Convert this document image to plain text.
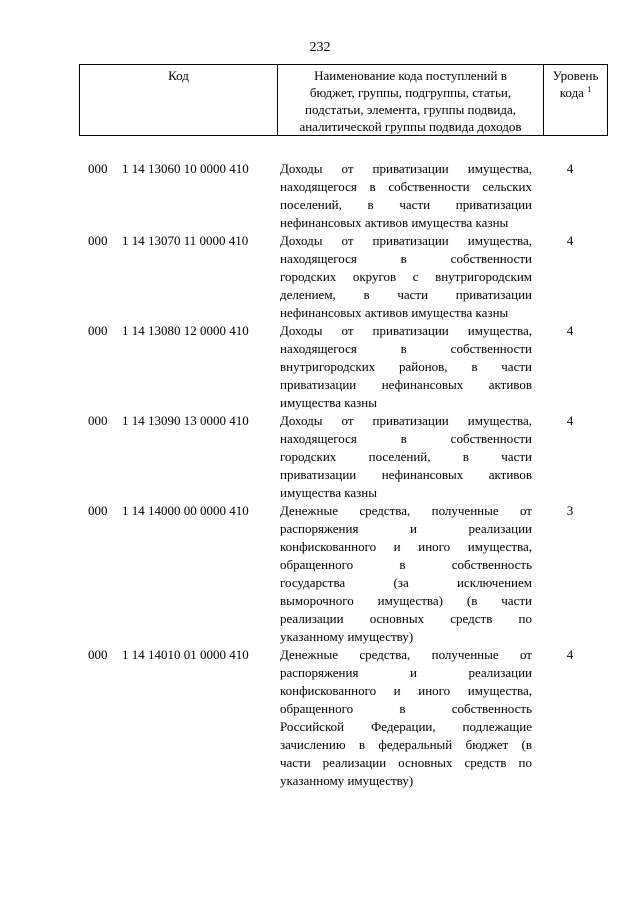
232
Код	Наименование кода поступлений в
бюджет, группы, подгруппы, статьи,
подстатьи, элемента, группы подвида,
аналитической группы подвида доходов
Уровень
кода $^1$
000	1 14 13060 10 0000 410	Доходы от приватизации имущества,
находящегося в собственности сельских
поселений, в части приватизации
нефинансовых активов имущества казны
4
000	1 14 13070 11 0000 410	Доходы от приватизации имущества,
находящегося в собственности
городских округов с внутригородским
делением, в части приватизации
нефинансовых активов имущества казны
4
000	1 14 13080 12 0000 410	Доходы от приватизации имущества,
находящегося в собственности
внутригородских районов, в части
приватизации нефинансовых активов
имущества казны
4
000	1 14 13090 13 0000 410	Доходы от приватизации имущества,
находящегося в собственности
городских поселений, в части
приватизации нефинансовых активов
имущества казны
4
000	1 14 14000 00 0000 410	Денежные средства, полученные от
распоряжения и реализации
конфискованного и иного имущества,
обращенного в собственность
государства (за исключением
выморочного имущества) (в части
реализации основных средств по
указанному имуществу)
3
000	1 14 14010 01 0000 410	Денежные средства, полученные от
распоряжения и реализации
конфискованного и иного имущества,
обращенного в собственность
Российской Федерации, подлежащие
зачислению в федеральный бюджет (в
части реализации основных средств по
указанному имуществу)
4
